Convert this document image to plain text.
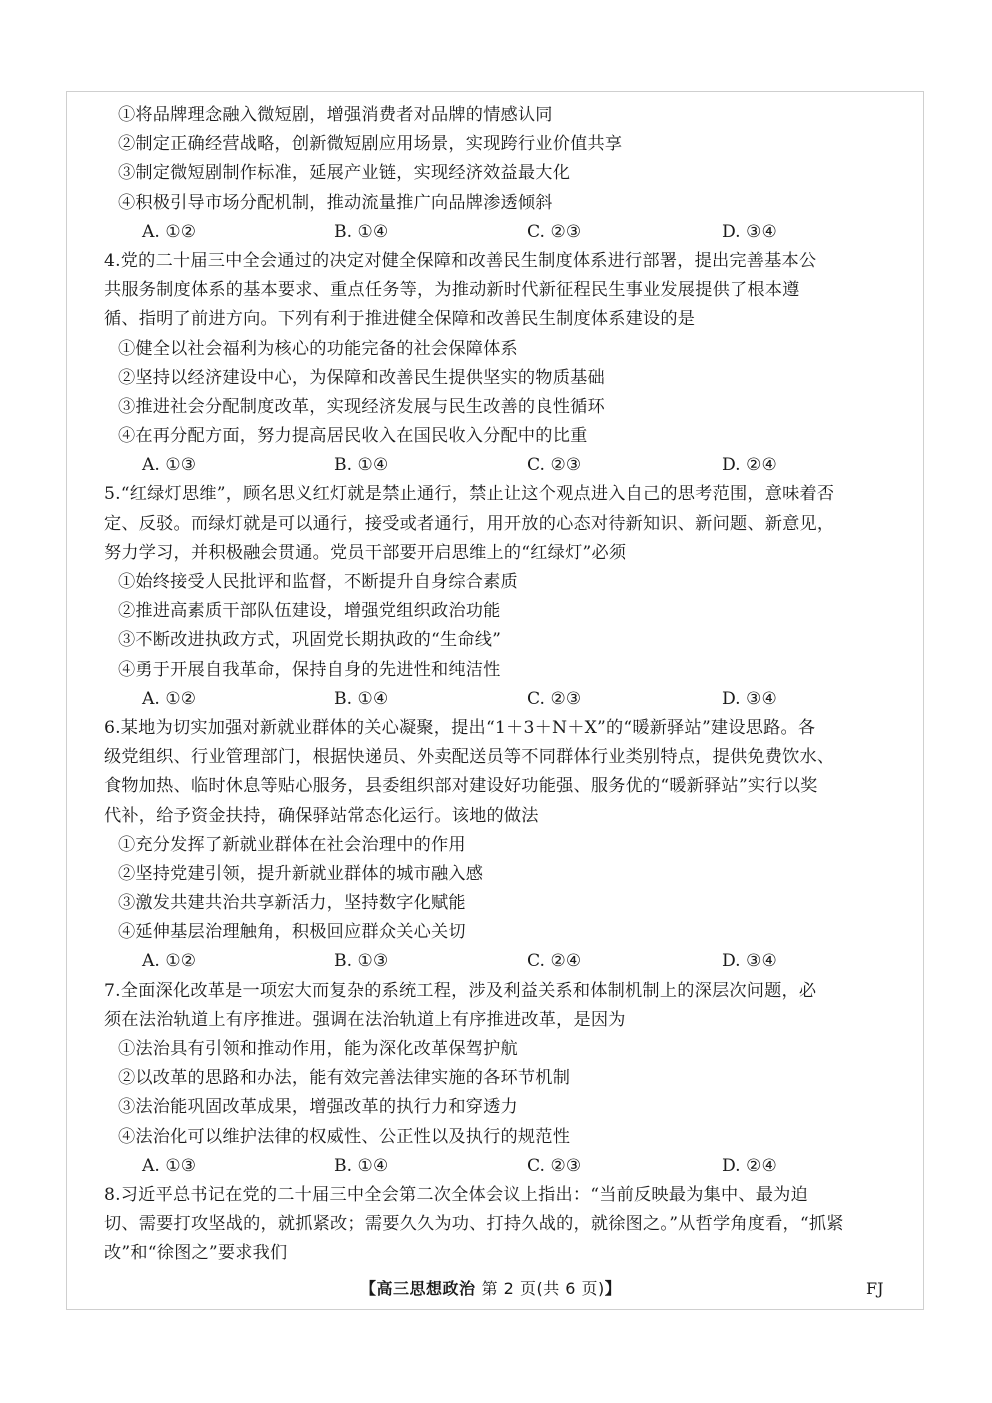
①将品牌理念融入微短剧，增强消费者对品牌的情感认同
②制定正确经营战略，创新微短剧应用场景，实现跨行业价值共享
③制定微短剧制作标准，延展产业链，实现经济效益最大化
④积极引导市场分配机制，推动流量推广向品牌渗透倾斜
A. ①②	B. ①④	C. ②③	D. ③④
4.党的二十届三中全会通过的决定对健全保障和改善民生制度体系进行部署，提出完善基本公
共服务制度体系的基本要求、重点任务等，为推动新时代新征程民生事业发展提供了根本遵
循、指明了前进方向。下列有利于推进健全保障和改善民生制度体系建设的是
①健全以社会福利为核心的功能完备的社会保障体系
②坚持以经济建设中心，为保障和改善民生提供坚实的物质基础
③推进社会分配制度改革，实现经济发展与民生改善的良性循环
④在再分配方面，努力提高居民收入在国民收入分配中的比重
A. ①③	B. ①④	C. ②③	D. ②④
5.“红绿灯思维”，顾名思义红灯就是禁止通行，禁止让这个观点进入自己的思考范围，意味着否
定、反驳。而绿灯就是可以通行，接受或者通行，用开放的心态对待新知识、新问题、新意见，
努力学习，并积极融会贯通。党员干部要开启思维上的“红绿灯”必须
①始终接受人民批评和监督，不断提升自身综合素质
②推进高素质干部队伍建设，增强党组织政治功能
③不断改进执政方式，巩固党长期执政的“生命线”
④勇于开展自我革命，保持自身的先进性和纯洁性
A. ①②	B. ①④	C. ②③	D. ③④
6.某地为切实加强对新就业群体的关心凝聚，提出“1＋3＋N＋X”的“暖新驿站”建设思路。各
级党组织、行业管理部门，根据快递员、外卖配送员等不同群体行业类别特点，提供免费饮水、
食物加热、临时休息等贴心服务，县委组织部对建设好功能强、服务优的“暖新驿站”实行以奖
代补，给予资金扶持，确保驿站常态化运行。该地的做法
①充分发挥了新就业群体在社会治理中的作用
②坚持党建引领，提升新就业群体的城市融入感
③激发共建共治共享新活力，坚持数字化赋能
④延伸基层治理触角，积极回应群众关心关切
A. ①②	B. ①③	C. ②④	D. ③④
7.全面深化改革是一项宏大而复杂的系统工程，涉及利益关系和体制机制上的深层次问题，必
须在法治轨道上有序推进。强调在法治轨道上有序推进改革，是因为
①法治具有引领和推动作用，能为深化改革保驾护航
②以改革的思路和办法，能有效完善法律实施的各环节机制
③法治能巩固改革成果，增强改革的执行力和穿透力
④法治化可以维护法律的权威性、公正性以及执行的规范性
A. ①③	B. ①④	C. ②③	D. ②④
8.习近平总书记在党的二十届三中全会第二次全体会议上指出：“当前反映最为集中、最为迫
切、需要打攻坚战的，就抓紧改；需要久久为功、打持久战的，就徐图之。”从哲学角度看，“抓紧
改”和“徐图之”要求我们
【高三思想政治 第 2 页(共 6 页)】	FJ
